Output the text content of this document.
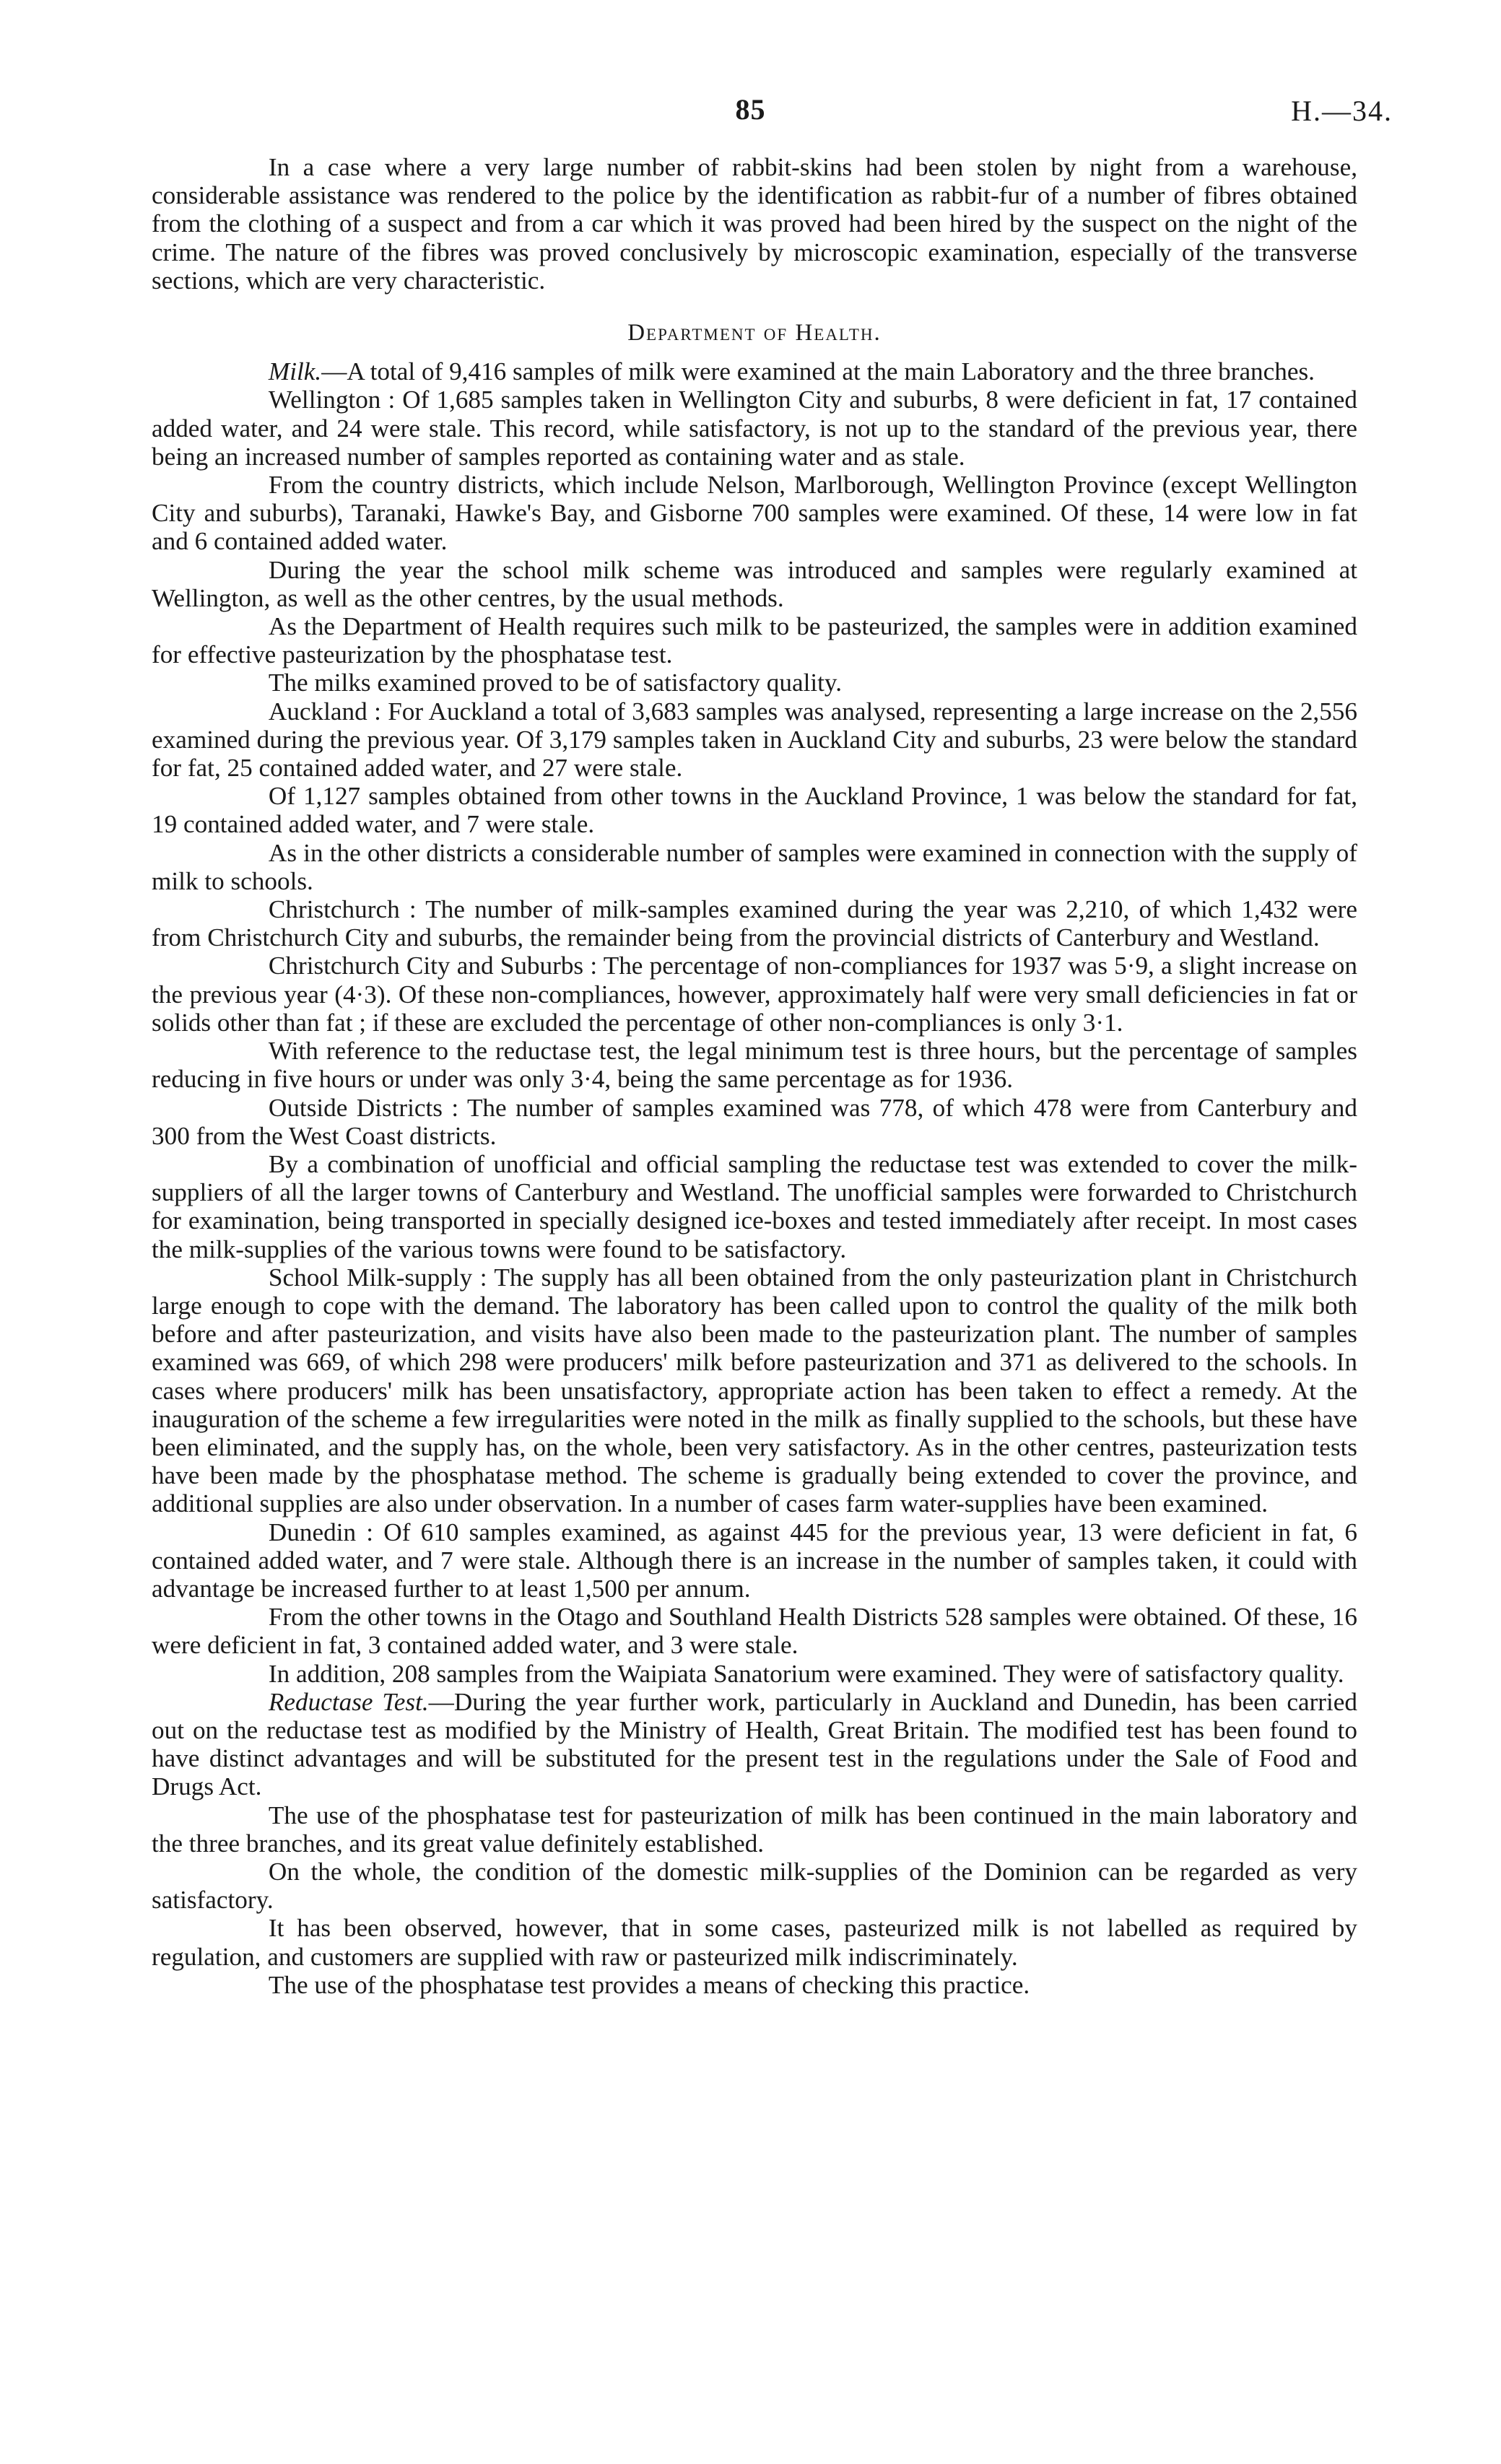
85	H.—34.

In a case where a very large number of rabbit-skins had been stolen by night from a warehouse, considerable assistance was rendered to the police by the identification as rabbit-fur of a number of fibres obtained from the clothing of a suspect and from a car which it was proved had been hired by the suspect on the night of the crime. The nature of the fibres was proved conclusively by microscopic examination, especially of the transverse sections, which are very characteristic.

Department of Health.

Milk.—A total of 9,416 samples of milk were examined at the main Laboratory and the three branches.

Wellington : Of 1,685 samples taken in Wellington City and suburbs, 8 were deficient in fat, 17 contained added water, and 24 were stale. This record, while satisfactory, is not up to the standard of the previous year, there being an increased number of samples reported as containing water and as stale.

From the country districts, which include Nelson, Marlborough, Wellington Province (except Wellington City and suburbs), Taranaki, Hawke's Bay, and Gisborne 700 samples were examined. Of these, 14 were low in fat and 6 contained added water.

During the year the school milk scheme was introduced and samples were regularly examined at Wellington, as well as the other centres, by the usual methods.

As the Department of Health requires such milk to be pasteurized, the samples were in addition examined for effective pasteurization by the phosphatase test.

The milks examined proved to be of satisfactory quality.

Auckland : For Auckland a total of 3,683 samples was analysed, representing a large increase on the 2,556 examined during the previous year. Of 3,179 samples taken in Auckland City and suburbs, 23 were below the standard for fat, 25 contained added water, and 27 were stale.

Of 1,127 samples obtained from other towns in the Auckland Province, 1 was below the standard for fat, 19 contained added water, and 7 were stale.

As in the other districts a considerable number of samples were examined in connection with the supply of milk to schools.

Christchurch : The number of milk-samples examined during the year was 2,210, of which 1,432 were from Christchurch City and suburbs, the remainder being from the provincial districts of Canterbury and Westland.

Christchurch City and Suburbs : The percentage of non-compliances for 1937 was 5·9, a slight increase on the previous year (4·3). Of these non-compliances, however, approximately half were very small deficiencies in fat or solids other than fat ; if these are excluded the percentage of other non-compliances is only 3·1.

With reference to the reductase test, the legal minimum test is three hours, but the percentage of samples reducing in five hours or under was only 3·4, being the same percentage as for 1936.

Outside Districts : The number of samples examined was 778, of which 478 were from Canterbury and 300 from the West Coast districts.

By a combination of unofficial and official sampling the reductase test was extended to cover the milk-suppliers of all the larger towns of Canterbury and Westland. The unofficial samples were forwarded to Christchurch for examination, being transported in specially designed ice-boxes and tested immediately after receipt. In most cases the milk-supplies of the various towns were found to be satisfactory.

School Milk-supply : The supply has all been obtained from the only pasteurization plant in Christchurch large enough to cope with the demand. The laboratory has been called upon to control the quality of the milk both before and after pasteurization, and visits have also been made to the pasteurization plant. The number of samples examined was 669, of which 298 were producers' milk before pasteurization and 371 as delivered to the schools. In cases where producers' milk has been unsatisfactory, appropriate action has been taken to effect a remedy. At the inauguration of the scheme a few irregularities were noted in the milk as finally supplied to the schools, but these have been eliminated, and the supply has, on the whole, been very satisfactory. As in the other centres, pasteurization tests have been made by the phosphatase method. The scheme is gradually being extended to cover the province, and additional supplies are also under observation. In a number of cases farm water-supplies have been examined.

Dunedin : Of 610 samples examined, as against 445 for the previous year, 13 were deficient in fat, 6 contained added water, and 7 were stale. Although there is an increase in the number of samples taken, it could with advantage be increased further to at least 1,500 per annum.

From the other towns in the Otago and Southland Health Districts 528 samples were obtained. Of these, 16 were deficient in fat, 3 contained added water, and 3 were stale.

In addition, 208 samples from the Waipiata Sanatorium were examined. They were of satisfactory quality.

Reductase Test.—During the year further work, particularly in Auckland and Dunedin, has been carried out on the reductase test as modified by the Ministry of Health, Great Britain. The modified test has been found to have distinct advantages and will be substituted for the present test in the regulations under the Sale of Food and Drugs Act.

The use of the phosphatase test for pasteurization of milk has been continued in the main laboratory and the three branches, and its great value definitely established.

On the whole, the condition of the domestic milk-supplies of the Dominion can be regarded as very satisfactory.

It has been observed, however, that in some cases, pasteurized milk is not labelled as required by regulation, and customers are supplied with raw or pasteurized milk indiscriminately.

The use of the phosphatase test provides a means of checking this practice.
